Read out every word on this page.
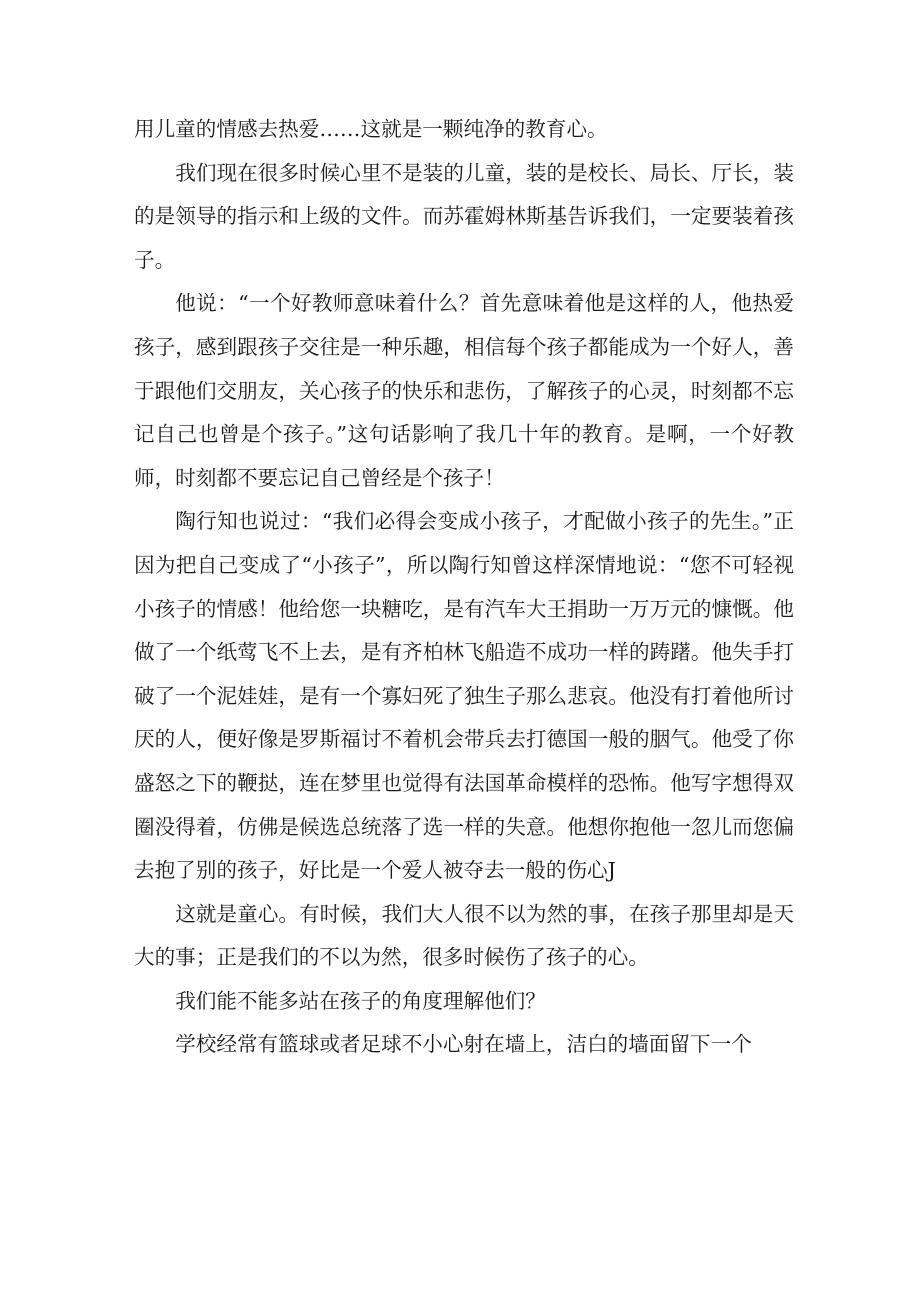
用儿童的情感去热爱……这就是一颗纯净的教育心。

我们现在很多时候心里不是装的儿童，装的是校长、局长、厅长，装的是领导的指示和上级的文件。而苏霍姆林斯基告诉我们，一定要装着孩子。

他说：“一个好教师意味着什么？首先意味着他是这样的人，他热爱孩子，感到跟孩子交往是一种乐趣，相信每个孩子都能成为一个好人，善于跟他们交朋友，关心孩子的快乐和悲伤，了解孩子的心灵，时刻都不忘记自己也曾是个孩子。”这句话影响了我几十年的教育。是啊，一个好教师，时刻都不要忘记自己曾经是个孩子！

陶行知也说过：“我们必得会变成小孩子，才配做小孩子的先生。”正因为把自己变成了“小孩子”，所以陶行知曾这样深情地说：“您不可轻视小孩子的情感！他给您一块糖吃，是有汽车大王捐助一万万元的慷慨。他做了一个纸莺飞不上去，是有齐柏林飞船造不成功一样的踌躇。他失手打破了一个泥娃娃，是有一个寡妇死了独生子那么悲哀。他没有打着他所讨厌的人，便好像是罗斯福讨不着机会带兵去打德国一般的胭气。他受了你盛怒之下的鞭挞，连在梦里也觉得有法国革命模样的恐怖。他写字想得双圈没得着，仿佛是候选总统落了选一样的失意。他想你抱他一忽儿而您偏去抱了别的孩子，好比是一个爱人被夺去一般的伤心J

这就是童心。有时候，我们大人很不以为然的事，在孩子那里却是天大的事；正是我们的不以为然，很多时候伤了孩子的心。

我们能不能多站在孩子的角度理解他们？

学校经常有篮球或者足球不小心射在墙上，洁白的墙面留下一个
